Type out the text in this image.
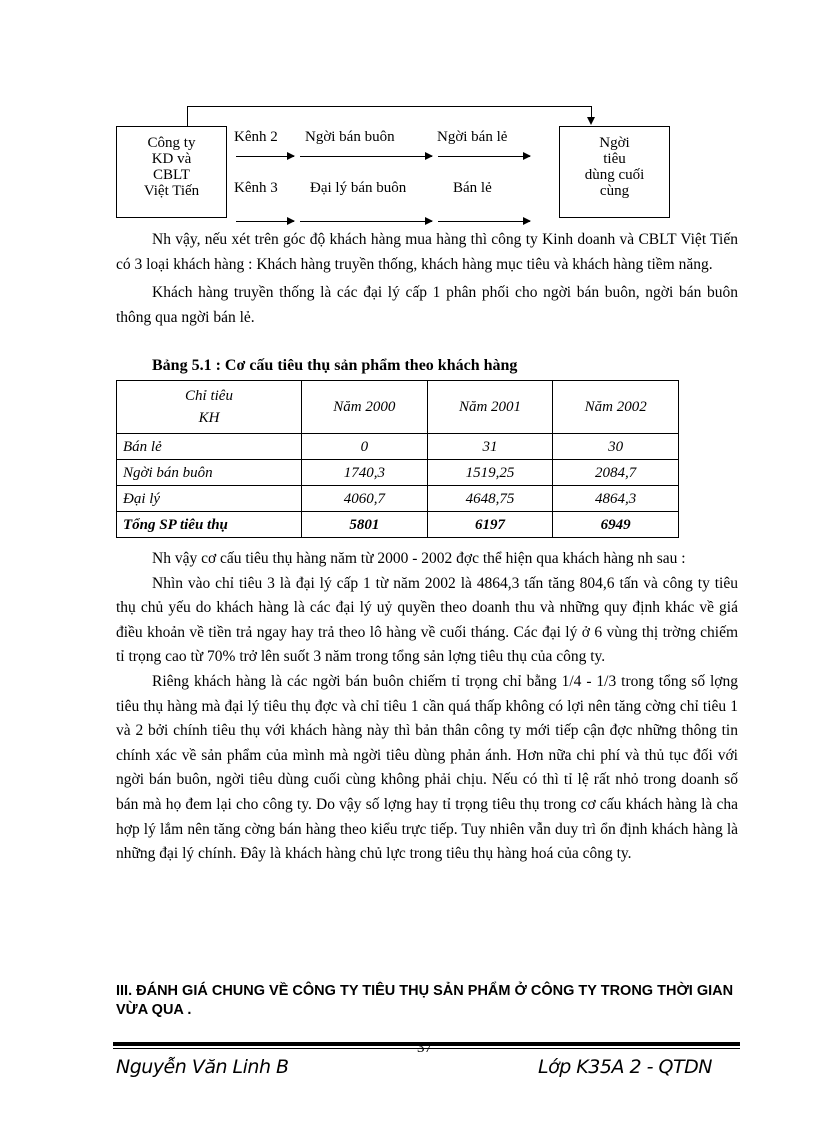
Công ty
KD và
CBLT
Việt Tiến
Ngời
tiêu
dùng cuối
cùng
Kênh 2 Ngời bán buôn	Ngời bán lẻ
Kênh 3 Đại lý bán buôn	Bán lẻ

Nh vậy, nếu xét trên góc độ khách hàng mua hàng thì công ty Kinh doanh và CBLT Việt Tiến có 3 loại khách hàng : Khách hàng truyền thống, khách hàng mục tiêu và khách hàng tiềm năng.

Khách hàng truyền thống là các đại lý cấp 1 phân phối cho ngời bán buôn, ngời bán buôn thông qua ngời bán lẻ.

Bảng 5.1 : Cơ cấu tiêu thụ sản phẩm theo khách hàng
Chỉ tiêu
KH	Năm 2000	Năm 2001	Năm 2002
Bán lẻ	0	31	30
Ngời bán buôn	1740,3	1519,25	2084,7
Đại lý	4060,7	4648,75	4864,3
Tổng SP tiêu thụ	5801	6197	6949

Nh vậy cơ cấu tiêu thụ hàng năm từ 2000 - 2002 đợc thể hiện qua khách hàng nh sau :

Nhìn vào chỉ tiêu 3 là đại lý cấp 1 từ năm 2002 là 4864,3 tấn tăng 804,6 tấn và công ty tiêu thụ chủ yếu do khách hàng là các đại lý uỷ quyền theo doanh thu và những quy định khác về giá điều khoản về tiền trả ngay hay trả theo lô hàng về cuối tháng. Các đại lý ở 6 vùng thị trờng chiếm tỉ trọng cao từ 70% trở lên suốt 3 năm trong tổng sản lợng tiêu thụ của công ty.

Riêng khách hàng là các ngời bán buôn chiếm tỉ trọng chỉ bằng 1/4 - 1/3 trong tổng số lợng tiêu thụ hàng mà đại lý tiêu thụ đợc và chỉ tiêu 1 cần quá thấp không có lợi nên tăng cờng chỉ tiêu 1 và 2 bởi chính tiêu thụ với khách hàng này thì bản thân công ty mới tiếp cận đợc những thông tin chính xác về sản phẩm của mình mà ngời tiêu dùng phản ánh. Hơn nữa chi phí và thủ tục đối với ngời bán buôn, ngời tiêu dùng cuối cùng không phải chịu. Nếu có thì tỉ lệ rất nhỏ trong doanh số bán mà họ đem lại cho công ty. Do vậy số lợng hay tỉ trọng tiêu thụ trong cơ cấu khách hàng là cha hợp lý lắm nên tăng cờng bán hàng theo kiểu trực tiếp. Tuy nhiên vẫn duy trì ổn định khách hàng là những đại lý chính. Đây là khách hàng chủ lực trong tiêu thụ hàng hoá của công ty.

III. ĐÁNH GIÁ CHUNG VỀ CÔNG TY TIÊU THỤ SẢN PHẨM Ở CÔNG TY TRONG THỜI GIAN VỪA QUA .
37
Nguyễn Văn Linh B	Lớp K35A 2 - QTDN
